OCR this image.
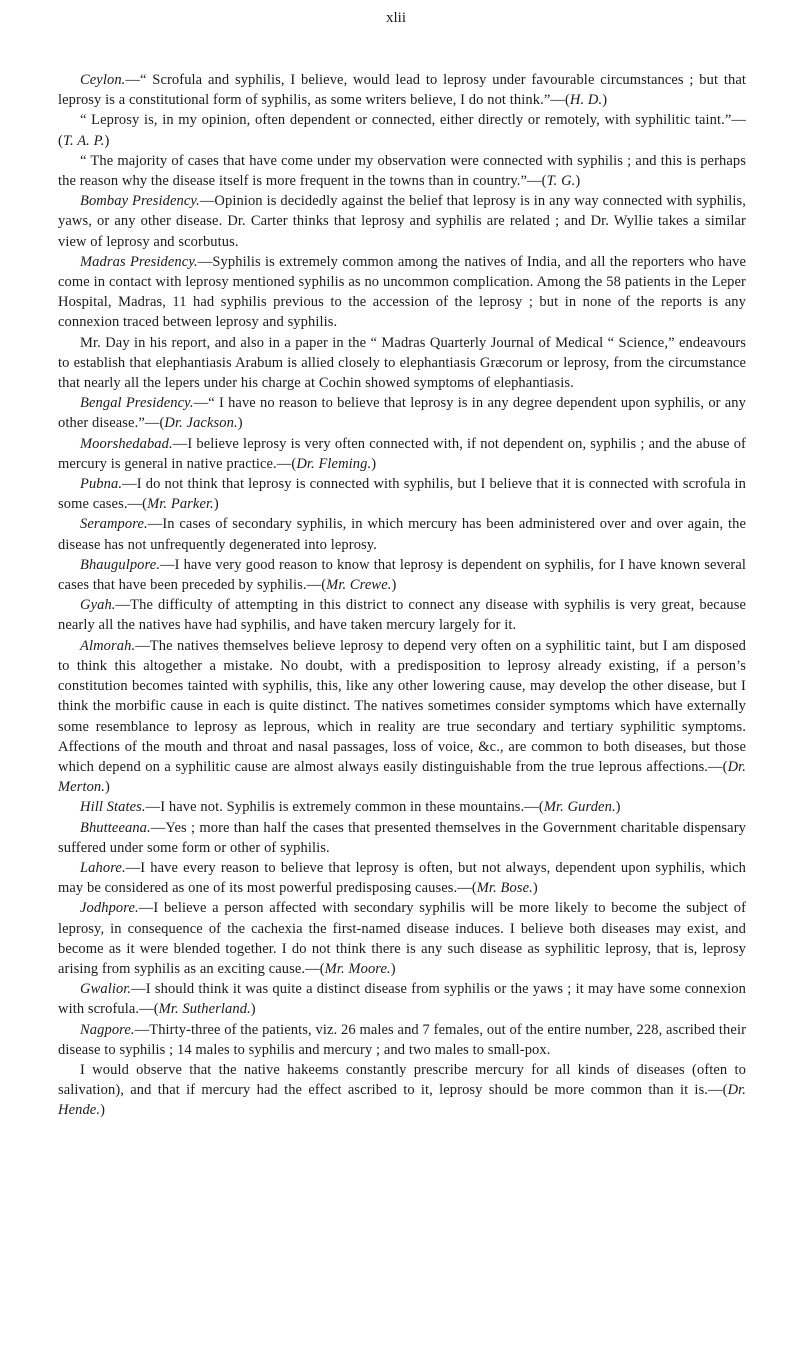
xlii

Ceylon.—“ Scrofula and syphilis, I believe, would lead to leprosy under favourable circumstances ; but that leprosy is a constitutional form of syphilis, as some writers believe, I do not think.”—(H. D.)

“ Leprosy is, in my opinion, often dependent or connected, either directly or remotely, with syphilitic taint.”—(T. A. P.)

“ The majority of cases that have come under my observation were connected with syphilis ; and this is perhaps the reason why the disease itself is more frequent in the towns than in country.”—(T. G.)

Bombay Presidency.—Opinion is decidedly against the belief that leprosy is in any way connected with syphilis, yaws, or any other disease. Dr. Carter thinks that leprosy and syphilis are related ; and Dr. Wyllie takes a similar view of leprosy and scorbutus.

Madras Presidency.—Syphilis is extremely common among the natives of India, and all the reporters who have come in contact with leprosy mentioned syphilis as no uncommon complication. Among the 58 patients in the Leper Hospital, Madras, 11 had syphilis previous to the accession of the leprosy ; but in none of the reports is any connexion traced between leprosy and syphilis.

Mr. Day in his report, and also in a paper in the “ Madras Quarterly Journal of Medical “ Science,” endeavours to establish that elephantiasis Arabum is allied closely to elephantiasis Græcorum or leprosy, from the circumstance that nearly all the lepers under his charge at Cochin showed symptoms of elephantiasis.

Bengal Presidency.—“ I have no reason to believe that leprosy is in any degree dependent upon syphilis, or any other disease.”—(Dr. Jackson.)

Moorshedabad.—I believe leprosy is very often connected with, if not dependent on, syphilis ; and the abuse of mercury is general in native practice.—(Dr. Fleming.)

Pubna.—I do not think that leprosy is connected with syphilis, but I believe that it is connected with scrofula in some cases.—(Mr. Parker.)

Serampore.—In cases of secondary syphilis, in which mercury has been administered over and over again, the disease has not unfrequently degenerated into leprosy.

Bhaugulpore.—I have very good reason to know that leprosy is dependent on syphilis, for I have known several cases that have been preceded by syphilis.—(Mr. Crewe.)

Gyah.—The difficulty of attempting in this district to connect any disease with syphilis is very great, because nearly all the natives have had syphilis, and have taken mercury largely for it.

Almorah.—The natives themselves believe leprosy to depend very often on a syphilitic taint, but I am disposed to think this altogether a mistake. No doubt, with a predisposition to leprosy already existing, if a person’s constitution becomes tainted with syphilis, this, like any other lowering cause, may develop the other disease, but I think the morbific cause in each is quite distinct. The natives sometimes consider symptoms which have externally some resemblance to leprosy as leprous, which in reality are true secondary and tertiary syphilitic symptoms. Affections of the mouth and throat and nasal passages, loss of voice, &c., are common to both diseases, but those which depend on a syphilitic cause are almost always easily distinguishable from the true leprous affections.—(Dr. Merton.)

Hill States.—I have not. Syphilis is extremely common in these mountains.—(Mr. Gurden.)

Bhutteeana.—Yes ; more than half the cases that presented themselves in the Government charitable dispensary suffered under some form or other of syphilis.

Lahore.—I have every reason to believe that leprosy is often, but not always, dependent upon syphilis, which may be considered as one of its most powerful predisposing causes.—(Mr. Bose.)

Jodhpore.—I believe a person affected with secondary syphilis will be more likely to become the subject of leprosy, in consequence of the cachexia the first-named disease induces. I believe both diseases may exist, and become as it were blended together. I do not think there is any such disease as syphilitic leprosy, that is, leprosy arising from syphilis as an exciting cause.—(Mr. Moore.)

Gwalior.—I should think it was quite a distinct disease from syphilis or the yaws ; it may have some connexion with scrofula.—(Mr. Sutherland.)

Nagpore.—Thirty-three of the patients, viz. 26 males and 7 females, out of the entire number, 228, ascribed their disease to syphilis ; 14 males to syphilis and mercury ; and two males to small-pox.

I would observe that the native hakeems constantly prescribe mercury for all kinds of diseases (often to salivation), and that if mercury had the effect ascribed to it, leprosy should be more common than it is.—(Dr. Hende.)
